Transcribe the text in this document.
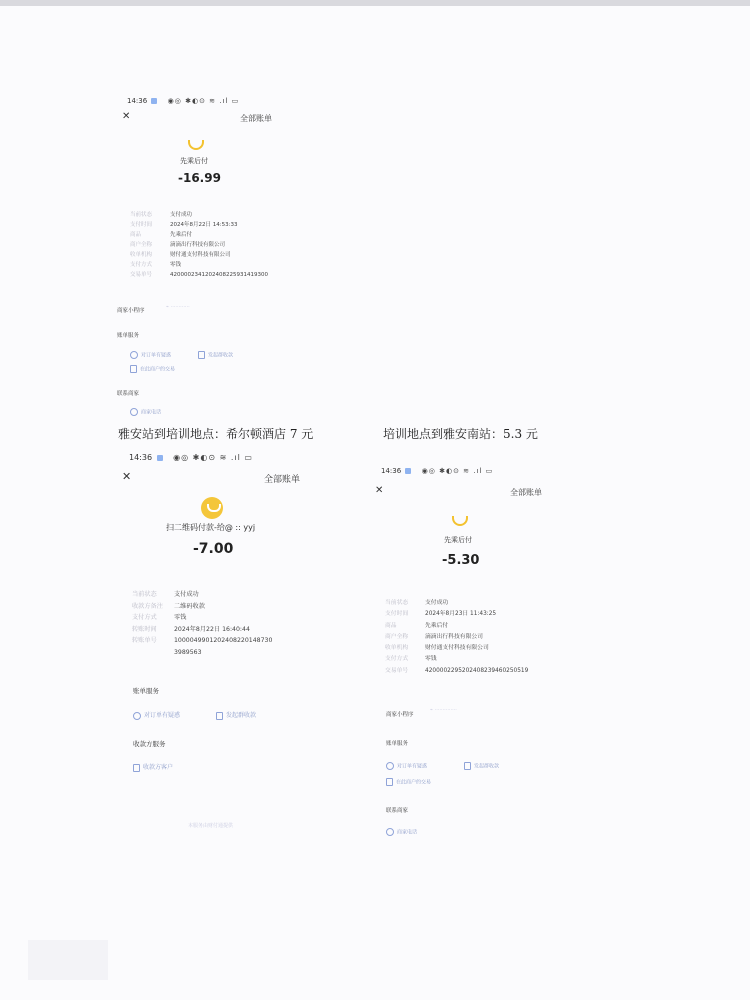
14:36	◉◎ ✱◐⊙ ≋ .ıl ▭
✕	全部账单
先乘后付
-16.99
当前状态	支付成功
支付时间	2024年8月22日 14:53:33
商品	先乘后付
商户全称	滴滴出行科技有限公司
收单机构	财付通支付科技有限公司
支付方式	零钱
交易单号	4200002341202408225931419300
商家小程序
⌁ ············
账单服务
对订单有疑惑	发起群收款
在此商户的交易
联系商家
商家电话
雅安站到培训地点：希尔顿酒店 7 元	培训地点到雅安南站：5.3 元
14:36	◉◎ ✱◐⊙ ≋ .ıl ▭
✕	全部账单
扫二维码付款-给@ :: yyj
-7.00
当前状态	支付成功
收款方备注	二维码收款
支付方式	零钱
转账时间	2024年8月22日 16:40:44
转账单号	10000499012024082201487303989563
账单服务
对订单有疑惑	发起群收款
收款方服务
收款方客户
本服务由财付通提供
14:36	◉◎ ✱◐⊙ ≋ .ıl ▭
✕	全部账单
先乘后付
-5.30
当前状态	支付成功
支付时间	2024年8月23日 11:43:25
商品	先乘后付
商户全称	滴滴出行科技有限公司
收单机构	财付通支付科技有限公司
支付方式	零钱
交易单号	4200002295202408239460250519
商家小程序
⌁ ··············
账单服务
对订单有疑惑	发起群收款
在此商户的交易
联系商家
商家电话
